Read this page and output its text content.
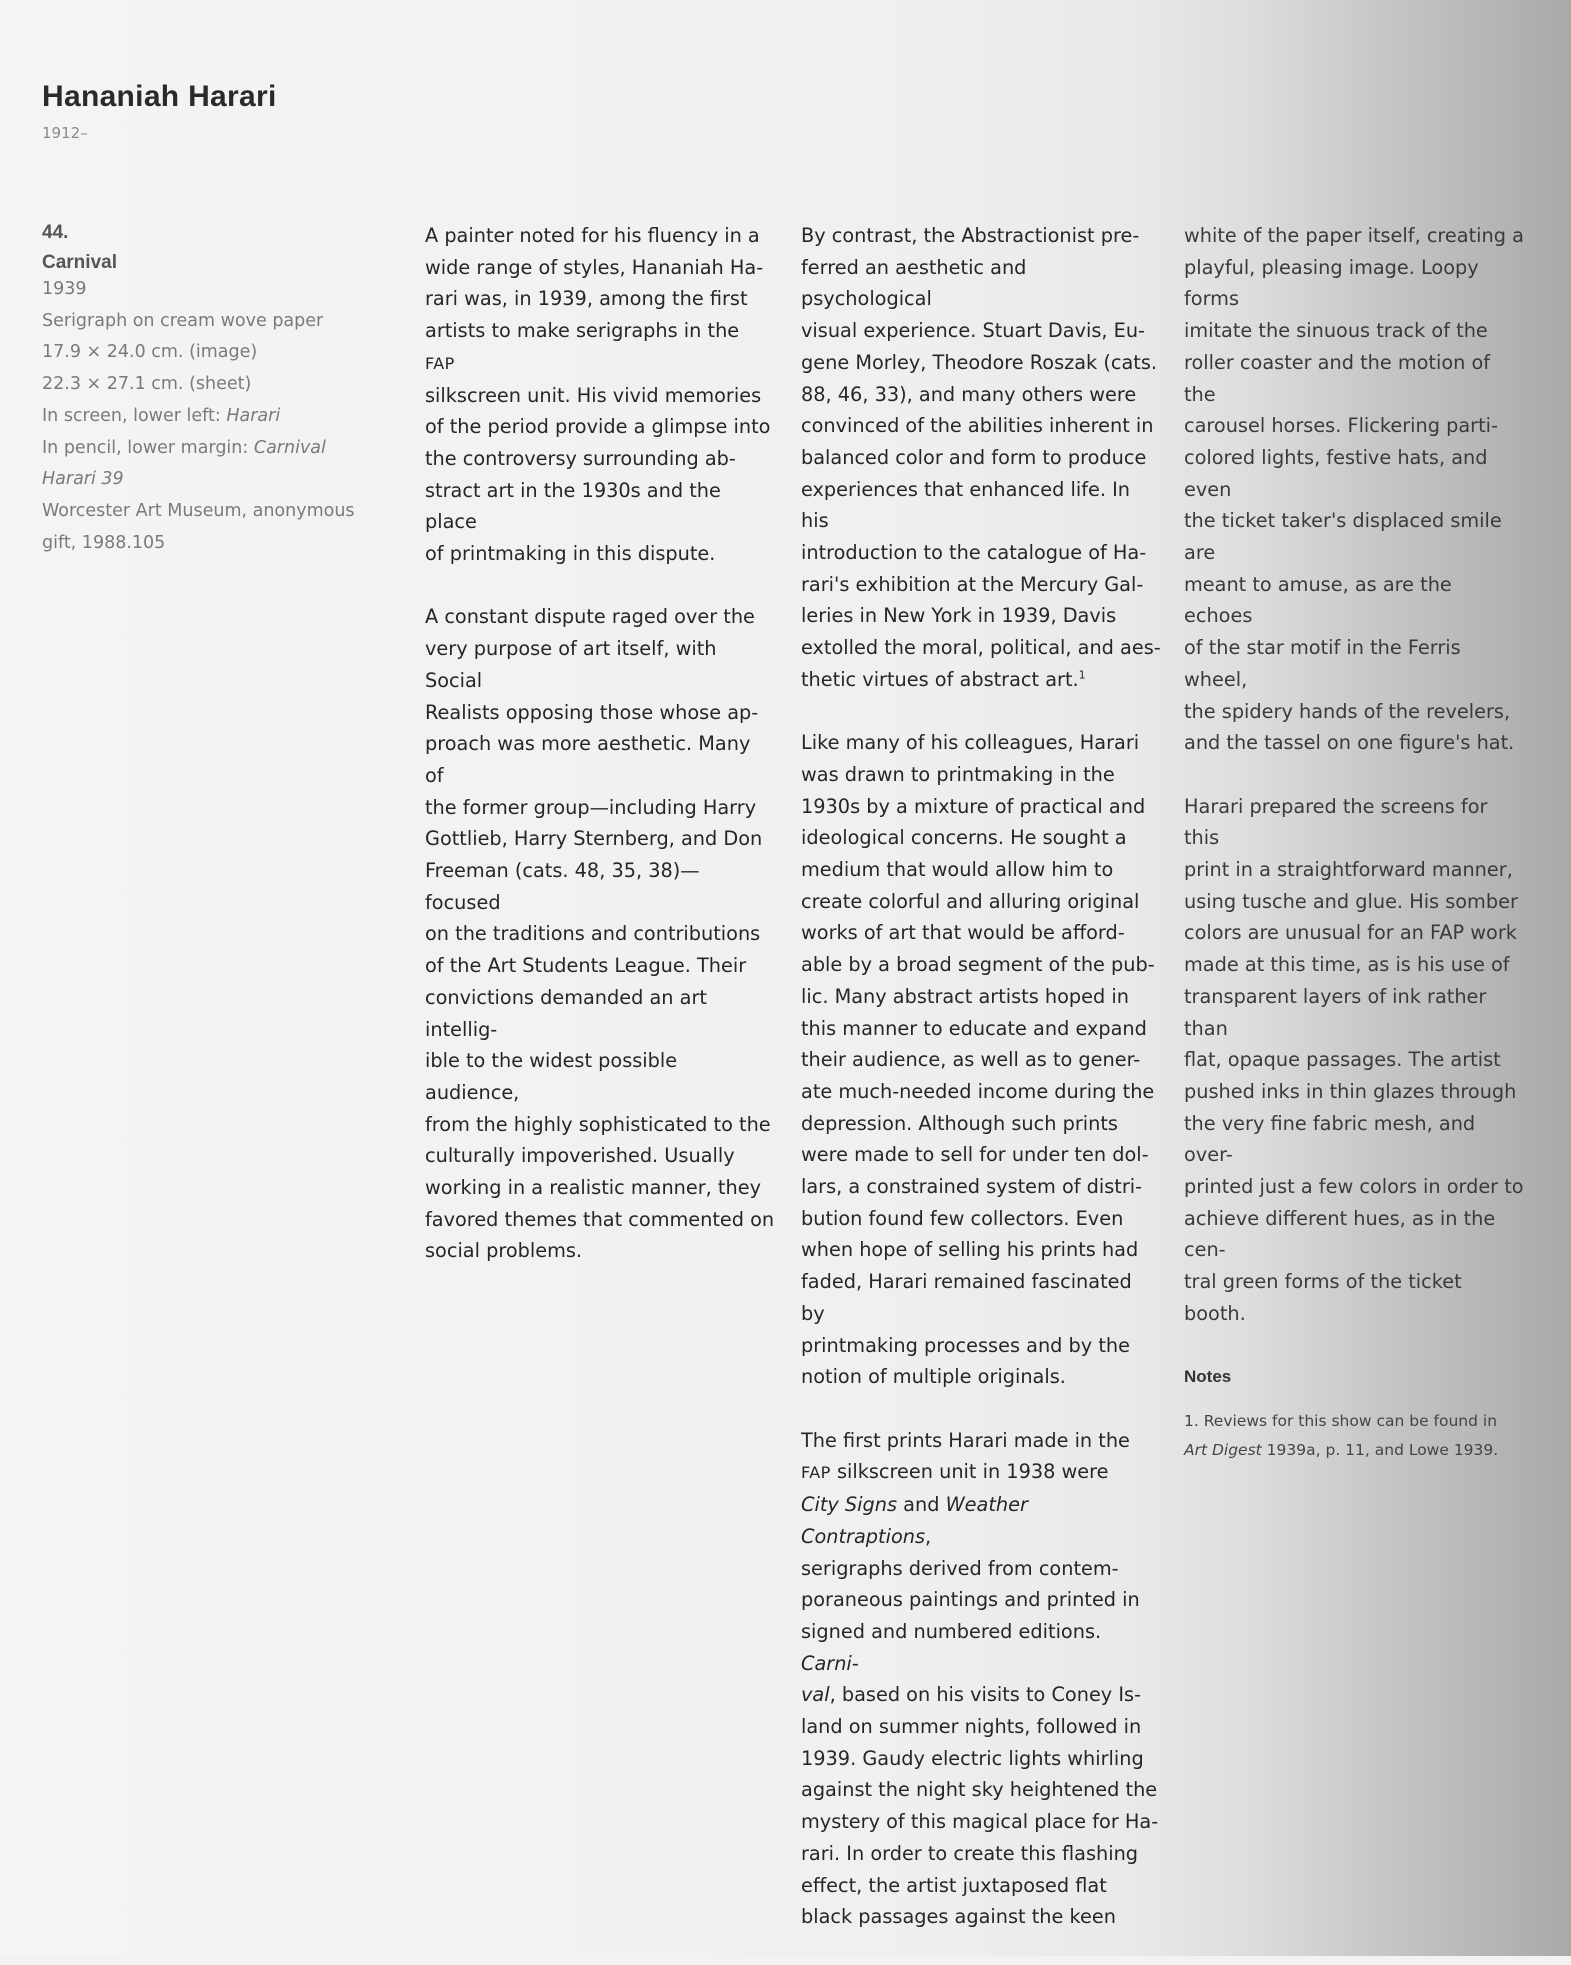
Hananiah Harari
1912–
44.
Carnival
1939
Serigraph on cream wove paper
17.9 × 24.0 cm. (image)
22.3 × 27.1 cm. (sheet)
In screen, lower left: Harari
In pencil, lower margin: Carnival
Harari 39
Worcester Art Museum, anonymous
gift, 1988.105

A painter noted for his fluency in a
wide range of styles, Hananiah Ha-
rari was, in 1939, among the first
artists to make serigraphs in the FAP
silkscreen unit. His vivid memories
of the period provide a glimpse into
the controversy surrounding ab-
stract art in the 1930s and the place
of printmaking in this dispute.

A constant dispute raged over the
very purpose of art itself, with Social
Realists opposing those whose ap-
proach was more aesthetic. Many of
the former group—including Harry
Gottlieb, Harry Sternberg, and Don
Freeman (cats. 48, 35, 38)—focused
on the traditions and contributions
of the Art Students League. Their
convictions demanded an art intellig-
ible to the widest possible audience,
from the highly sophisticated to the
culturally impoverished. Usually
working in a realistic manner, they
favored themes that commented on
social problems.

By contrast, the Abstractionist pre-
ferred an aesthetic and psychological
visual experience. Stuart Davis, Eu-
gene Morley, Theodore Roszak (cats.
88, 46, 33), and many others were
convinced of the abilities inherent in
balanced color and form to produce
experiences that enhanced life. In his
introduction to the catalogue of Ha-
rari's exhibition at the Mercury Gal-
leries in New York in 1939, Davis
extolled the moral, political, and aes-
thetic virtues of abstract art.$^1$

Like many of his colleagues, Harari
was drawn to printmaking in the
1930s by a mixture of practical and
ideological concerns. He sought a
medium that would allow him to
create colorful and alluring original
works of art that would be afford-
able by a broad segment of the pub-
lic. Many abstract artists hoped in
this manner to educate and expand
their audience, as well as to gener-
ate much-needed income during the
depression. Although such prints
were made to sell for under ten dol-
lars, a constrained system of distri-
bution found few collectors. Even
when hope of selling his prints had
faded, Harari remained fascinated by
printmaking processes and by the
notion of multiple originals.

The first prints Harari made in the
FAP silkscreen unit in 1938 were
City Signs and Weather Contraptions,
serigraphs derived from contem-
poraneous paintings and printed in
signed and numbered editions. Carni-
val, based on his visits to Coney Is-
land on summer nights, followed in
1939. Gaudy electric lights whirling
against the night sky heightened the
mystery of this magical place for Ha-
rari. In order to create this flashing
effect, the artist juxtaposed flat
black passages against the keen

white of the paper itself, creating a
playful, pleasing image. Loopy forms
imitate the sinuous track of the
roller coaster and the motion of the
carousel horses. Flickering parti-
colored lights, festive hats, and even
the ticket taker's displaced smile are
meant to amuse, as are the echoes
of the star motif in the Ferris wheel,
the spidery hands of the revelers,
and the tassel on one figure's hat.

Harari prepared the screens for this
print in a straightforward manner,
using tusche and glue. His somber
colors are unusual for an FAP work
made at this time, as is his use of
transparent layers of ink rather than
flat, opaque passages. The artist
pushed inks in thin glazes through
the very fine fabric mesh, and over-
printed just a few colors in order to
achieve different hues, as in the cen-
tral green forms of the ticket booth.

Notes
1. Reviews for this show can be found in
Art Digest 1939a, p. 11, and Lowe 1939.
